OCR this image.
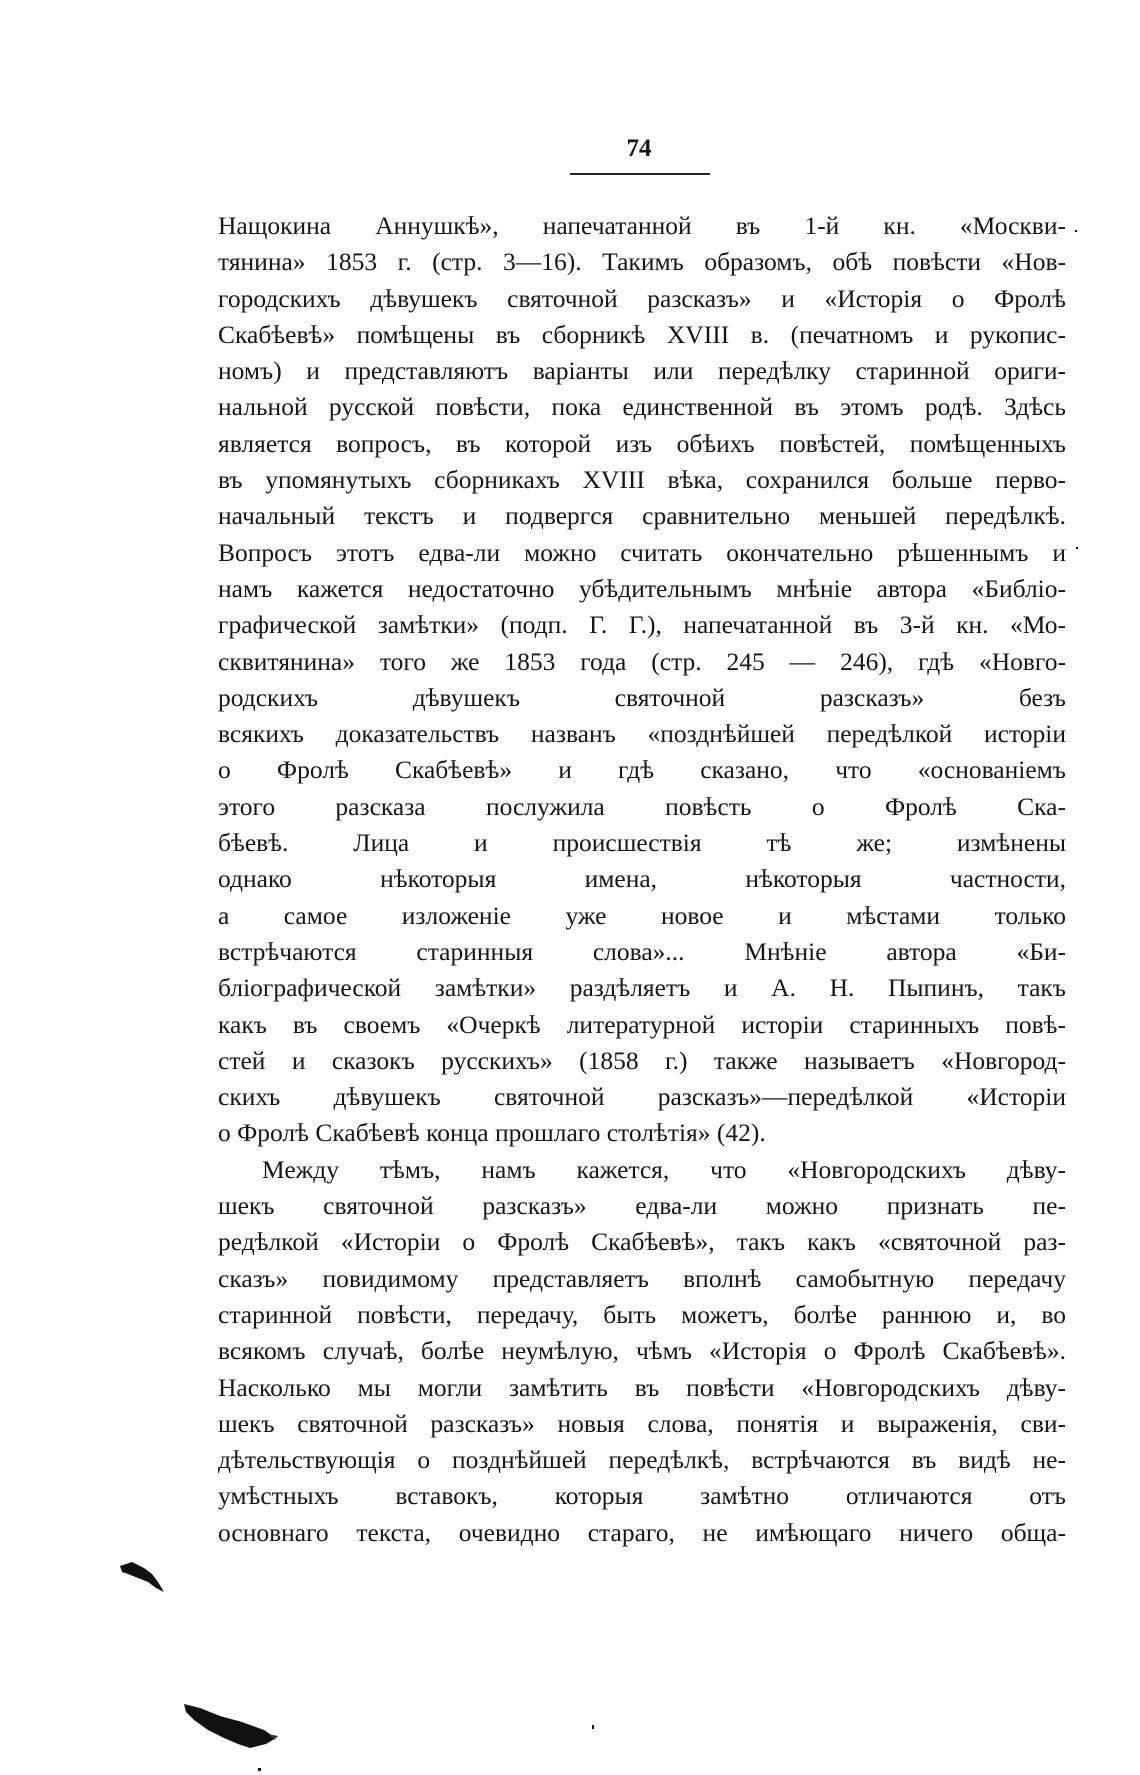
74
Нащокина Аннушкѣ», напечатанной въ 1-й кн. «Москви-
тянина» 1853 г. (стр. 3—16). Такимъ образомъ, обѣ повѣсти «Нов-
городскихъ дѣвушекъ святочной разсказъ» и «Исторія о Фролѣ
Скабѣевѣ» помѣщены въ сборникѣ XVIII в. (печатномъ и рукопис-
номъ) и представляютъ варіанты или передѣлку старинной ориги-
нальной русской повѣсти, пока единственной въ этомъ родѣ. Здѣсь
является вопросъ, въ которой изъ обѣихъ повѣстей, помѣщенныхъ
въ упомянутыхъ сборникахъ XVIII вѣка, сохранился больше перво-
начальный текстъ и подвергся сравнительно меньшей передѣлкѣ.
Вопросъ этотъ едва-ли можно считать окончательно рѣшеннымъ и
намъ кажется недостаточно убѣдительнымъ мнѣніе автора «Библіо-
графической замѣтки» (подп. Г. Г.), напечатанной въ 3-й кн. «Мо-
сквитянина» того же 1853 года (стр. 245 — 246), гдѣ «Новго-
родскихъ дѣвушекъ святочной разсказъ» безъ
всякихъ доказательствъ названъ «позднѣйшей передѣлкой исторіи
о Фролѣ Скабѣевѣ» и гдѣ сказано, что «основаніемъ
этого разсказа послужила повѣсть о Фролѣ Ска-
бѣевѣ. Лица и происшествія тѣ же; измѣнены
однако нѣкоторыя имена, нѣкоторыя частности,
а самое изложеніе уже новое и мѣстами только
встрѣчаются старинныя слова»... Мнѣніе автора «Би-
бліографической замѣтки» раздѣляетъ и А. Н. Пыпинъ, такъ
какъ въ своемъ «Очеркѣ литературной исторіи старинныхъ повѣ-
стей и сказокъ русскихъ» (1858 г.) также называетъ «Новгород-
скихъ дѣвушекъ святочной разсказъ»—передѣлкой «Исторіи
о Фролѣ Скабѣевѣ конца прошлаго столѣтія» (42).
Между тѣмъ, намъ кажется, что «Новгородскихъ дѣву-
шекъ святочной разсказъ» едва-ли можно признать пе-
редѣлкой «Исторіи о Фролѣ Скабѣевѣ», такъ какъ «святочной раз-
сказъ» повидимому представляетъ вполнѣ самобытную передачу
старинной повѣсти, передачу, быть можетъ, болѣе раннюю и, во
всякомъ случаѣ, болѣе неумѣлую, чѣмъ «Исторія о Фролѣ Скабѣевѣ».
Насколько мы могли замѣтить въ повѣсти «Новгородскихъ дѣву-
шекъ святочной разсказъ» новыя слова, понятія и выраженія, сви-
дѣтельствующія о позднѣйшей передѣлкѣ, встрѣчаются въ видѣ не-
умѣстныхъ вставокъ, которыя замѣтно отличаются отъ
основнаго текста, очевидно стараго, не имѣющаго ничего обща-
